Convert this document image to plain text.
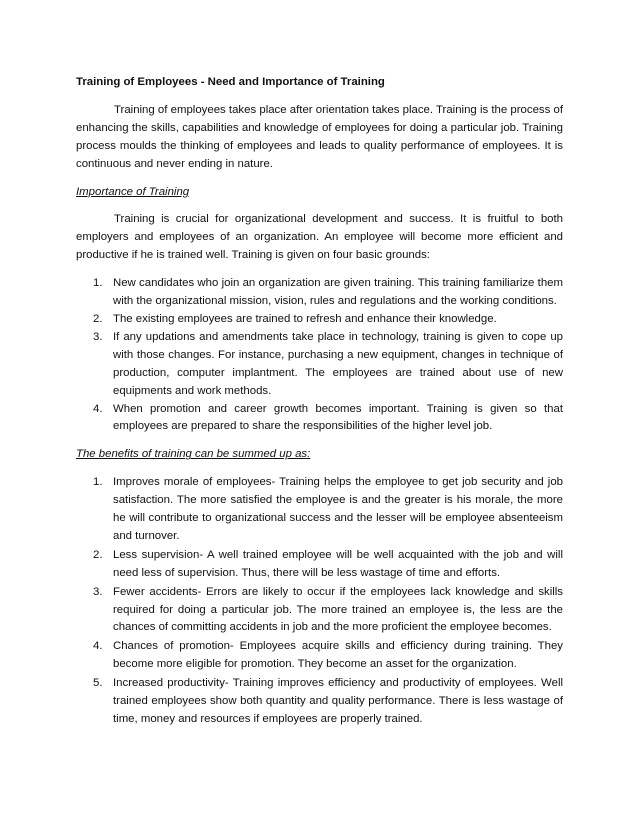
Training of Employees - Need and Importance of Training

Training of employees takes place after orientation takes place. Training is the process of enhancing the skills, capabilities and knowledge of employees for doing a particular job. Training process moulds the thinking of employees and leads to quality performance of employees. It is continuous and never ending in nature.

Importance of Training

Training is crucial for organizational development and success. It is fruitful to both employers and employees of an organization. An employee will become more efficient and productive if he is trained well. Training is given on four basic grounds:

1. New candidates who join an organization are given training. This training familiarize them with the organizational mission, vision, rules and regulations and the working conditions.
2. The existing employees are trained to refresh and enhance their knowledge.
3. If any updations and amendments take place in technology, training is given to cope up with those changes. For instance, purchasing a new equipment, changes in technique of production, computer implantment. The employees are trained about use of new equipments and work methods.
4. When promotion and career growth becomes important. Training is given so that employees are prepared to share the responsibilities of the higher level job.
The benefits of training can be summed up as:
1. Improves morale of employees- Training helps the employee to get job security and job satisfaction. The more satisfied the employee is and the greater is his morale, the more he will contribute to organizational success and the lesser will be employee absenteeism and turnover.
2. Less supervision- A well trained employee will be well acquainted with the job and will need less of supervision. Thus, there will be less wastage of time and efforts.
3. Fewer accidents- Errors are likely to occur if the employees lack knowledge and skills required for doing a particular job. The more trained an employee is, the less are the chances of committing accidents in job and the more proficient the employee becomes.
4. Chances of promotion- Employees acquire skills and efficiency during training. They become more eligible for promotion. They become an asset for the organization.
5. Increased productivity- Training improves efficiency and productivity of employees. Well trained employees show both quantity and quality performance. There is less wastage of time, money and resources if employees are properly trained.
